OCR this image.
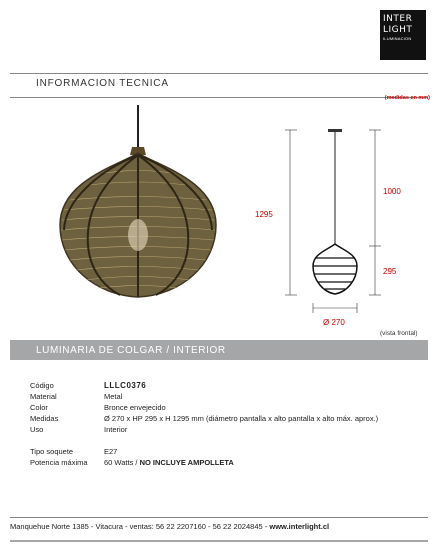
INTER
LIGHT
ILUMINACION
INFORMACION TECNICA
(medidas en mm)
1295
1000
295
Ø 270
(vista frontal)
LUMINARIA DE COLGAR / INTERIOR
Código	LLLC0376
Material	Metal
Color	Bronce envejecido
Medidas	Ø 270 x HP 295 x H 1295 mm (diámetro pantalla x alto pantalla x alto máx. aprox.)
Uso	Interior
Tipo soquete	E27
Potencia máxima 60 Watts / NO INCLUYE AMPOLLETA
Manquehue Norte 1385 - Vitacura - ventas: 56 22 2207160 - 56 22 2024845 - www.interlight.cl
